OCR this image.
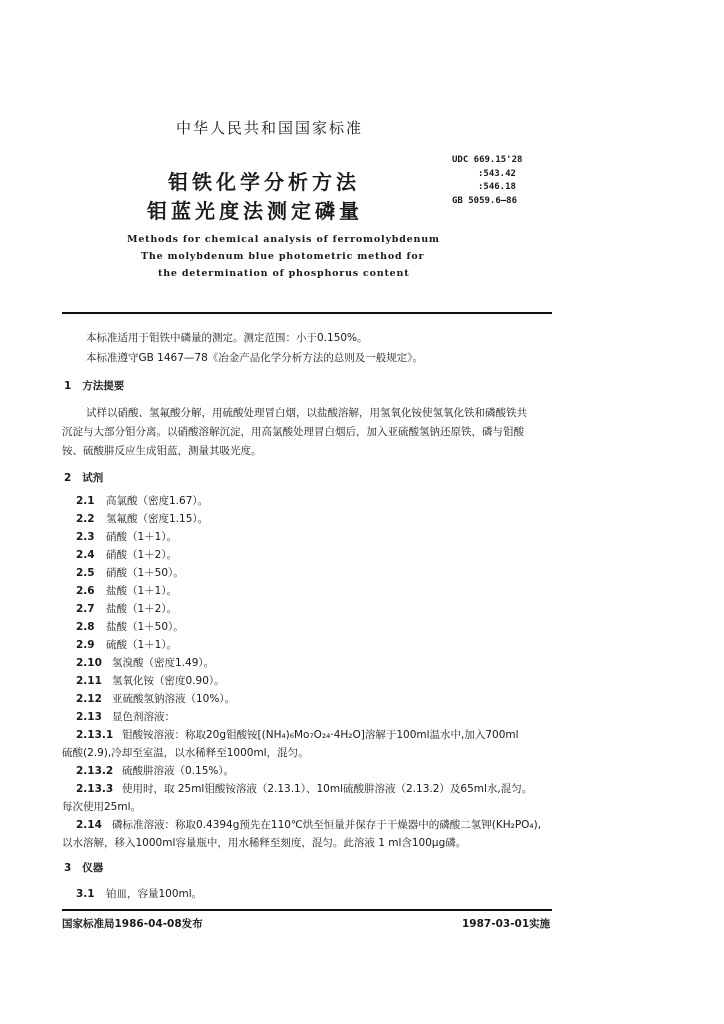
中华人民共和国国家标准
钼铁化学分析方法
钼蓝光度法测定磷量
UDC 669.15'28
:543.42
:546.18
GB 5059.6—86
Methods for chemical analysis of ferromolybdenum
The molybdenum blue photometric method for
the determination of phosphorus content
本标准适用于钼铁中磷量的测定。测定范围：小于0.150%。
本标准遵守GB 1467—78《冶金产品化学分析方法的总则及一般规定》。
1 方法提要
试样以硝酸、氢氟酸分解，用硫酸处理冒白烟，以盐酸溶解，用氢氧化铵使氢氧化铁和磷酸铁共
沉淀与大部分钼分离。以硝酸溶解沉淀，用高氯酸处理冒白烟后，加入亚硫酸氢钠还原铁，磷与钼酸
铵、硫酸肼反应生成钼蓝，测量其吸光度。
2 试剂
2.1 高氯酸（密度1.67）。
2.2 氢氟酸（密度1.15）。
2.3 硝酸（1＋1）。
2.4 硝酸（1＋2）。
2.5 硝酸（1＋50）。
2.6 盐酸（1＋1）。
2.7 盐酸（1＋2）。
2.8 盐酸（1＋50）。
2.9 硫酸（1＋1）。
2.10 氢溴酸（密度1.49）。
2.11 氢氧化铵（密度0.90）。
2.12 亚硫酸氢钠溶液（10%）。
2.13 显色剂溶液：
2.13.1 钼酸铵溶液：称取20g钼酸铵[(NH₄)₆Mo₇O₂₄·4H₂O]溶解于100ml温水中,加入700ml
硫酸(2.9),冷却至室温，以水稀释至1000ml，混匀。
2.13.2 硫酸肼溶液（0.15%）。
2.13.3 使用时，取 25ml钼酸铵溶液（2.13.1）、10ml硫酸肼溶液（2.13.2）及65ml水,混匀。
每次使用25ml。
2.14 磷标准溶液：称取0.4394g预先在110℃烘至恒量并保存于干燥器中的磷酸二氢钾(KH₂PO₄),
以水溶解，移入1000ml容量瓶中，用水稀释至刻度，混匀。此溶液 1 ml含100μg磷。
3 仪器
3.1 铂皿，容量100ml。
国家标准局1986-04-08发布	1987-03-01实施
